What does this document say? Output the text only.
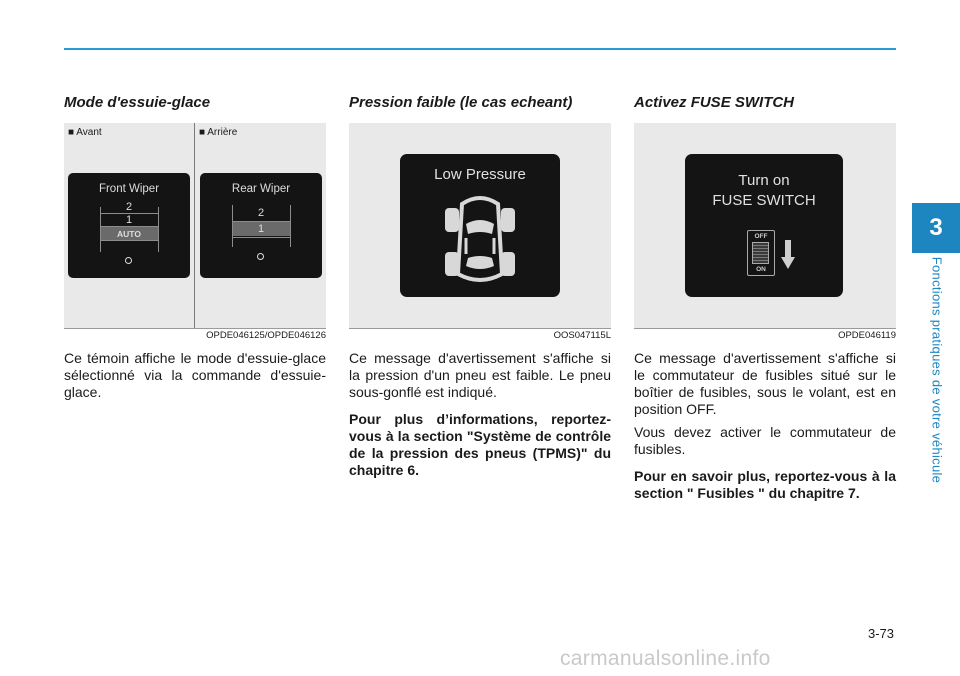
3
Fonctions pratiques de votre véhicule
Mode d'essuie-glace
■ Avant	■ Arrière
Front Wiper
2
1
AUTO
Rear Wiper
2
1
OPDE046125/OPDE046126

Ce témoin affiche le mode d'essuie-glace sélectionné via la commande d'essuie-glace.

Pression faible (le cas echeant)
Low Pressure
OOS047115L

Ce message d'avertissement s'affiche si la pression d'un pneu est faible. Le pneu sous-gonflé est indiqué.

Pour plus d’informations, reportez-vous à la section "Système de contrôle de la pression des pneus (TPMS)" du chapitre 6.

Activez FUSE SWITCH
Turn on
FUSE SWITCH
OFF
ON
OPDE046119

Ce message d'avertissement s'affiche si le commutateur de fusibles situé sur le boîtier de fusibles, sous le volant, est en position OFF.

Vous devez activer le commutateur de fusibles.

Pour en savoir plus, reportez-vous à la section " Fusibles " du chapitre 7.

3-73
carmanualsonline.info
